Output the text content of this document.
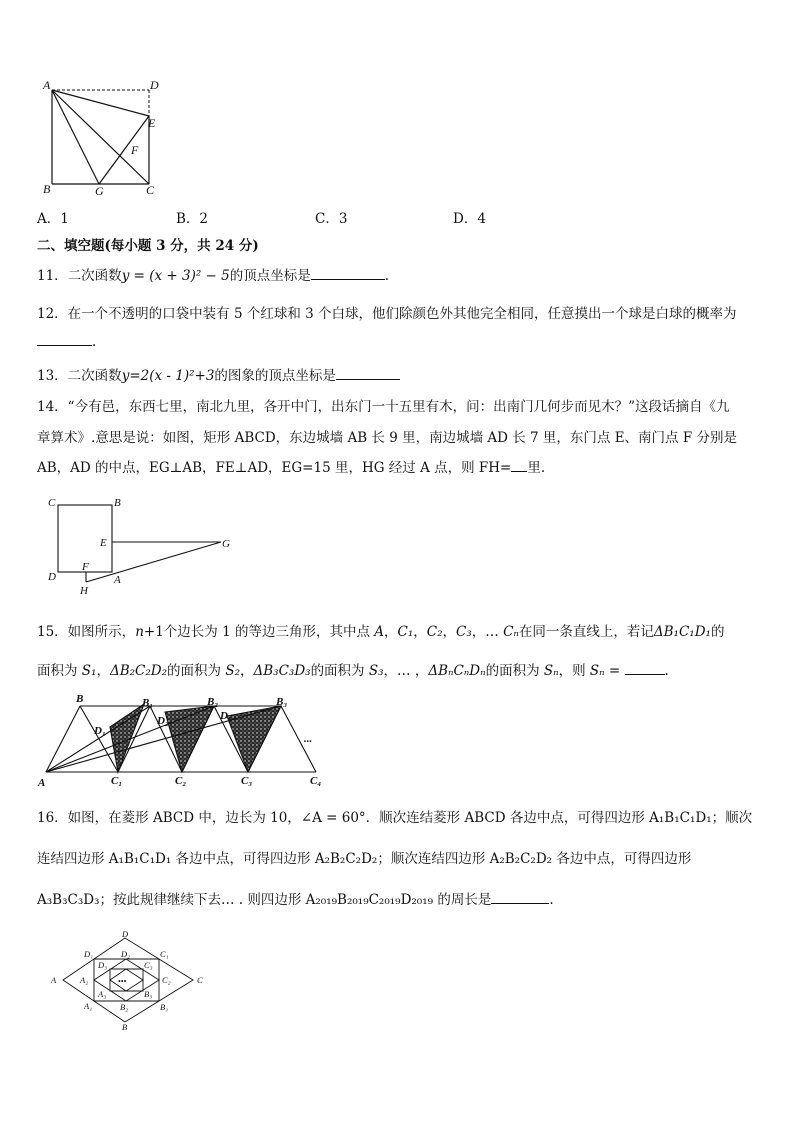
A	D
E
F
B	G	C
A．1	B．2	C．3	D．4
二、填空题(每小题 3 分，共 24 分)
11．二次函数y = (x + 3)² − 5的顶点坐标是	.
12．在一个不透明的口袋中装有 5 个红球和 3 个白球，他们除颜色外其他完全相同，任意摸出一个球是白球的概率为
.
13．二次函数y=2(x - 1)²+3的图象的顶点坐标是
14．“今有邑，东西七里，南北九里，各开中门，出东门一十五里有木，问：出南门几何步而见木？”这段话摘自《九
章算术》.意思是说：如图，矩形 ABCD，东边城墙 AB 长 9 里，南边城墙 AD 长 7 里，东门点 E、南门点 F 分别是
AB，AD 的中点，EG⊥AB，FE⊥AD，EG=15 里，HG 经过 A 点，则 FH= 里.
C	B
E	G
D
F
A
H
15．如图所示，n+1个边长为 1 的等边三角形，其中点 A，C₁，C₂，C₃，… Cₙ在同一条直线上，若记ΔB₁C₁D₁的
面积为 S₁，ΔB₂C₂D₂的面积为 S₂，ΔB₃C₃D₃的面积为 S₃，… ，ΔBₙCₙDₙ的面积为 Sₙ，则 Sₙ =	.
B	B₁	B₂	B₃
D₁
D₂	D₃
A	C₁	C₂	C₃	C₄
...
16．如图，在菱形 ABCD 中，边长为 10，∠A = 60°．顺次连结菱形 ABCD 各边中点，可得四边形 A₁B₁C₁D₁；顺次
连结四边形 A₁B₁C₁D₁ 各边中点，可得四边形 A₂B₂C₂D₂；顺次连结四边形 A₂B₂C₂D₂ 各边中点，可得四边形
A₃B₃C₃D₃；按此规律继续下去… . 则四边形 A₂₀₁₉B₂₀₁₉C₂₀₁₉D₂₀₁₉ 的周长是	.
D
D₁	D₂	C₁
D₃	C₃
C₂
A	C
A₂
A₃	B₃
A₁	B₂	B₁
B
•••
